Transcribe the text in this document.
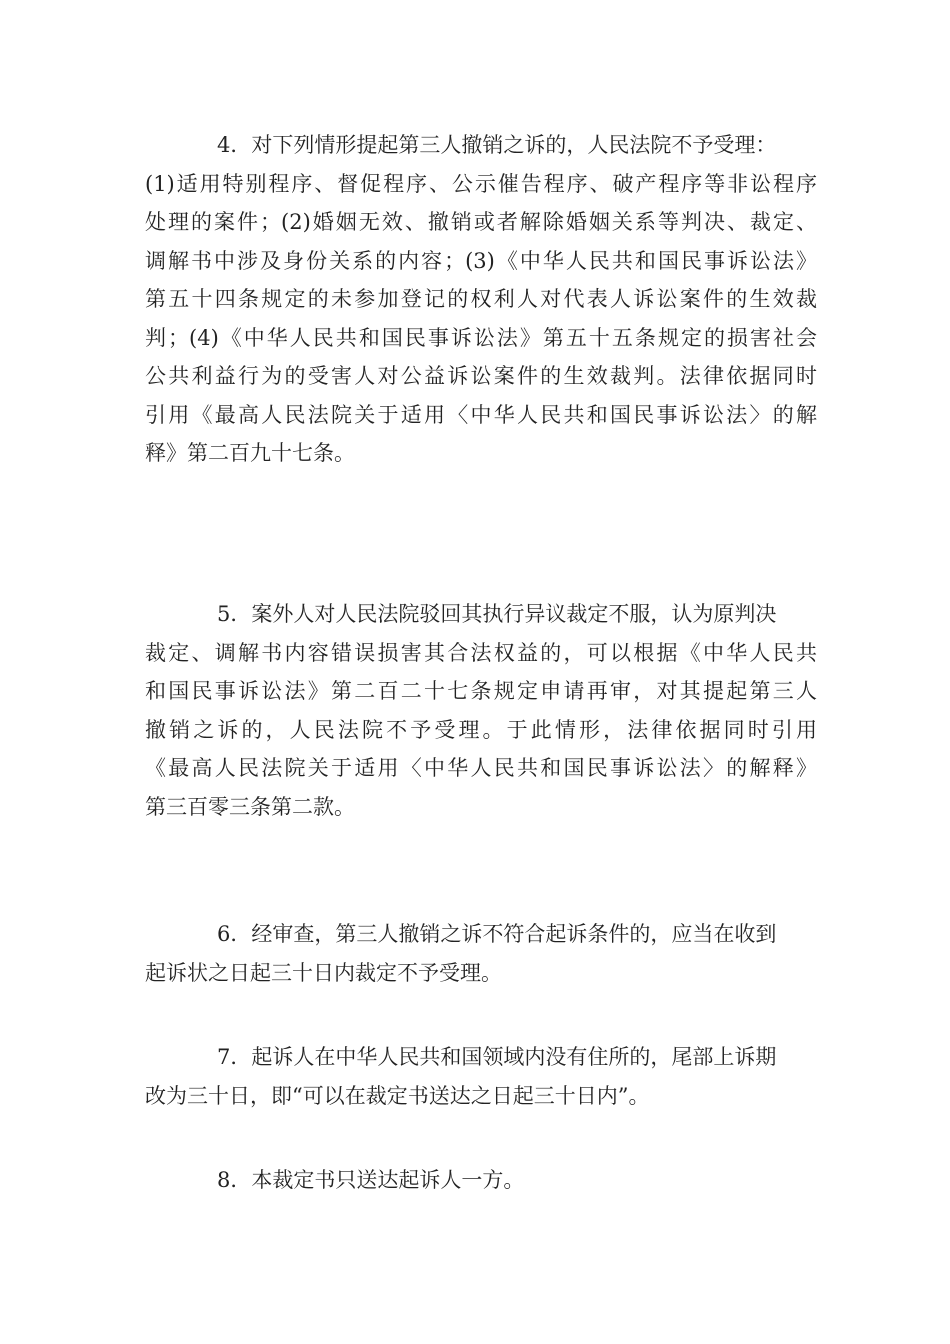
4．对下列情形提起第三人撤销之诉的，人民法院不予受理：
(1)适用特别程序、督促程序、公示催告程序、破产程序等非讼程序
处理的案件；(2)婚姻无效、撤销或者解除婚姻关系等判决、裁定、
调解书中涉及身份关系的内容；(3)《中华人民共和国民事诉讼法》
第五十四条规定的未参加登记的权利人对代表人诉讼案件的生效裁
判；(4)《中华人民共和国民事诉讼法》第五十五条规定的损害社会
公共利益行为的受害人对公益诉讼案件的生效裁判。法律依据同时
引用《最高人民法院关于适用〈中华人民共和国民事诉讼法〉的解
释》第二百九十七条。
5．案外人对人民法院驳回其执行异议裁定不服，认为原判决
裁定、调解书内容错误损害其合法权益的，可以根据《中华人民共
和国民事诉讼法》第二百二十七条规定申请再审，对其提起第三人
撤销之诉的，人民法院不予受理。于此情形，法律依据同时引用
《最高人民法院关于适用〈中华人民共和国民事诉讼法〉的解释》
第三百零三条第二款。
6．经审查，第三人撤销之诉不符合起诉条件的，应当在收到
起诉状之日起三十日内裁定不予受理。
7．起诉人在中华人民共和国领域内没有住所的，尾部上诉期
改为三十日，即“可以在裁定书送达之日起三十日内”。
8．本裁定书只送达起诉人一方。
